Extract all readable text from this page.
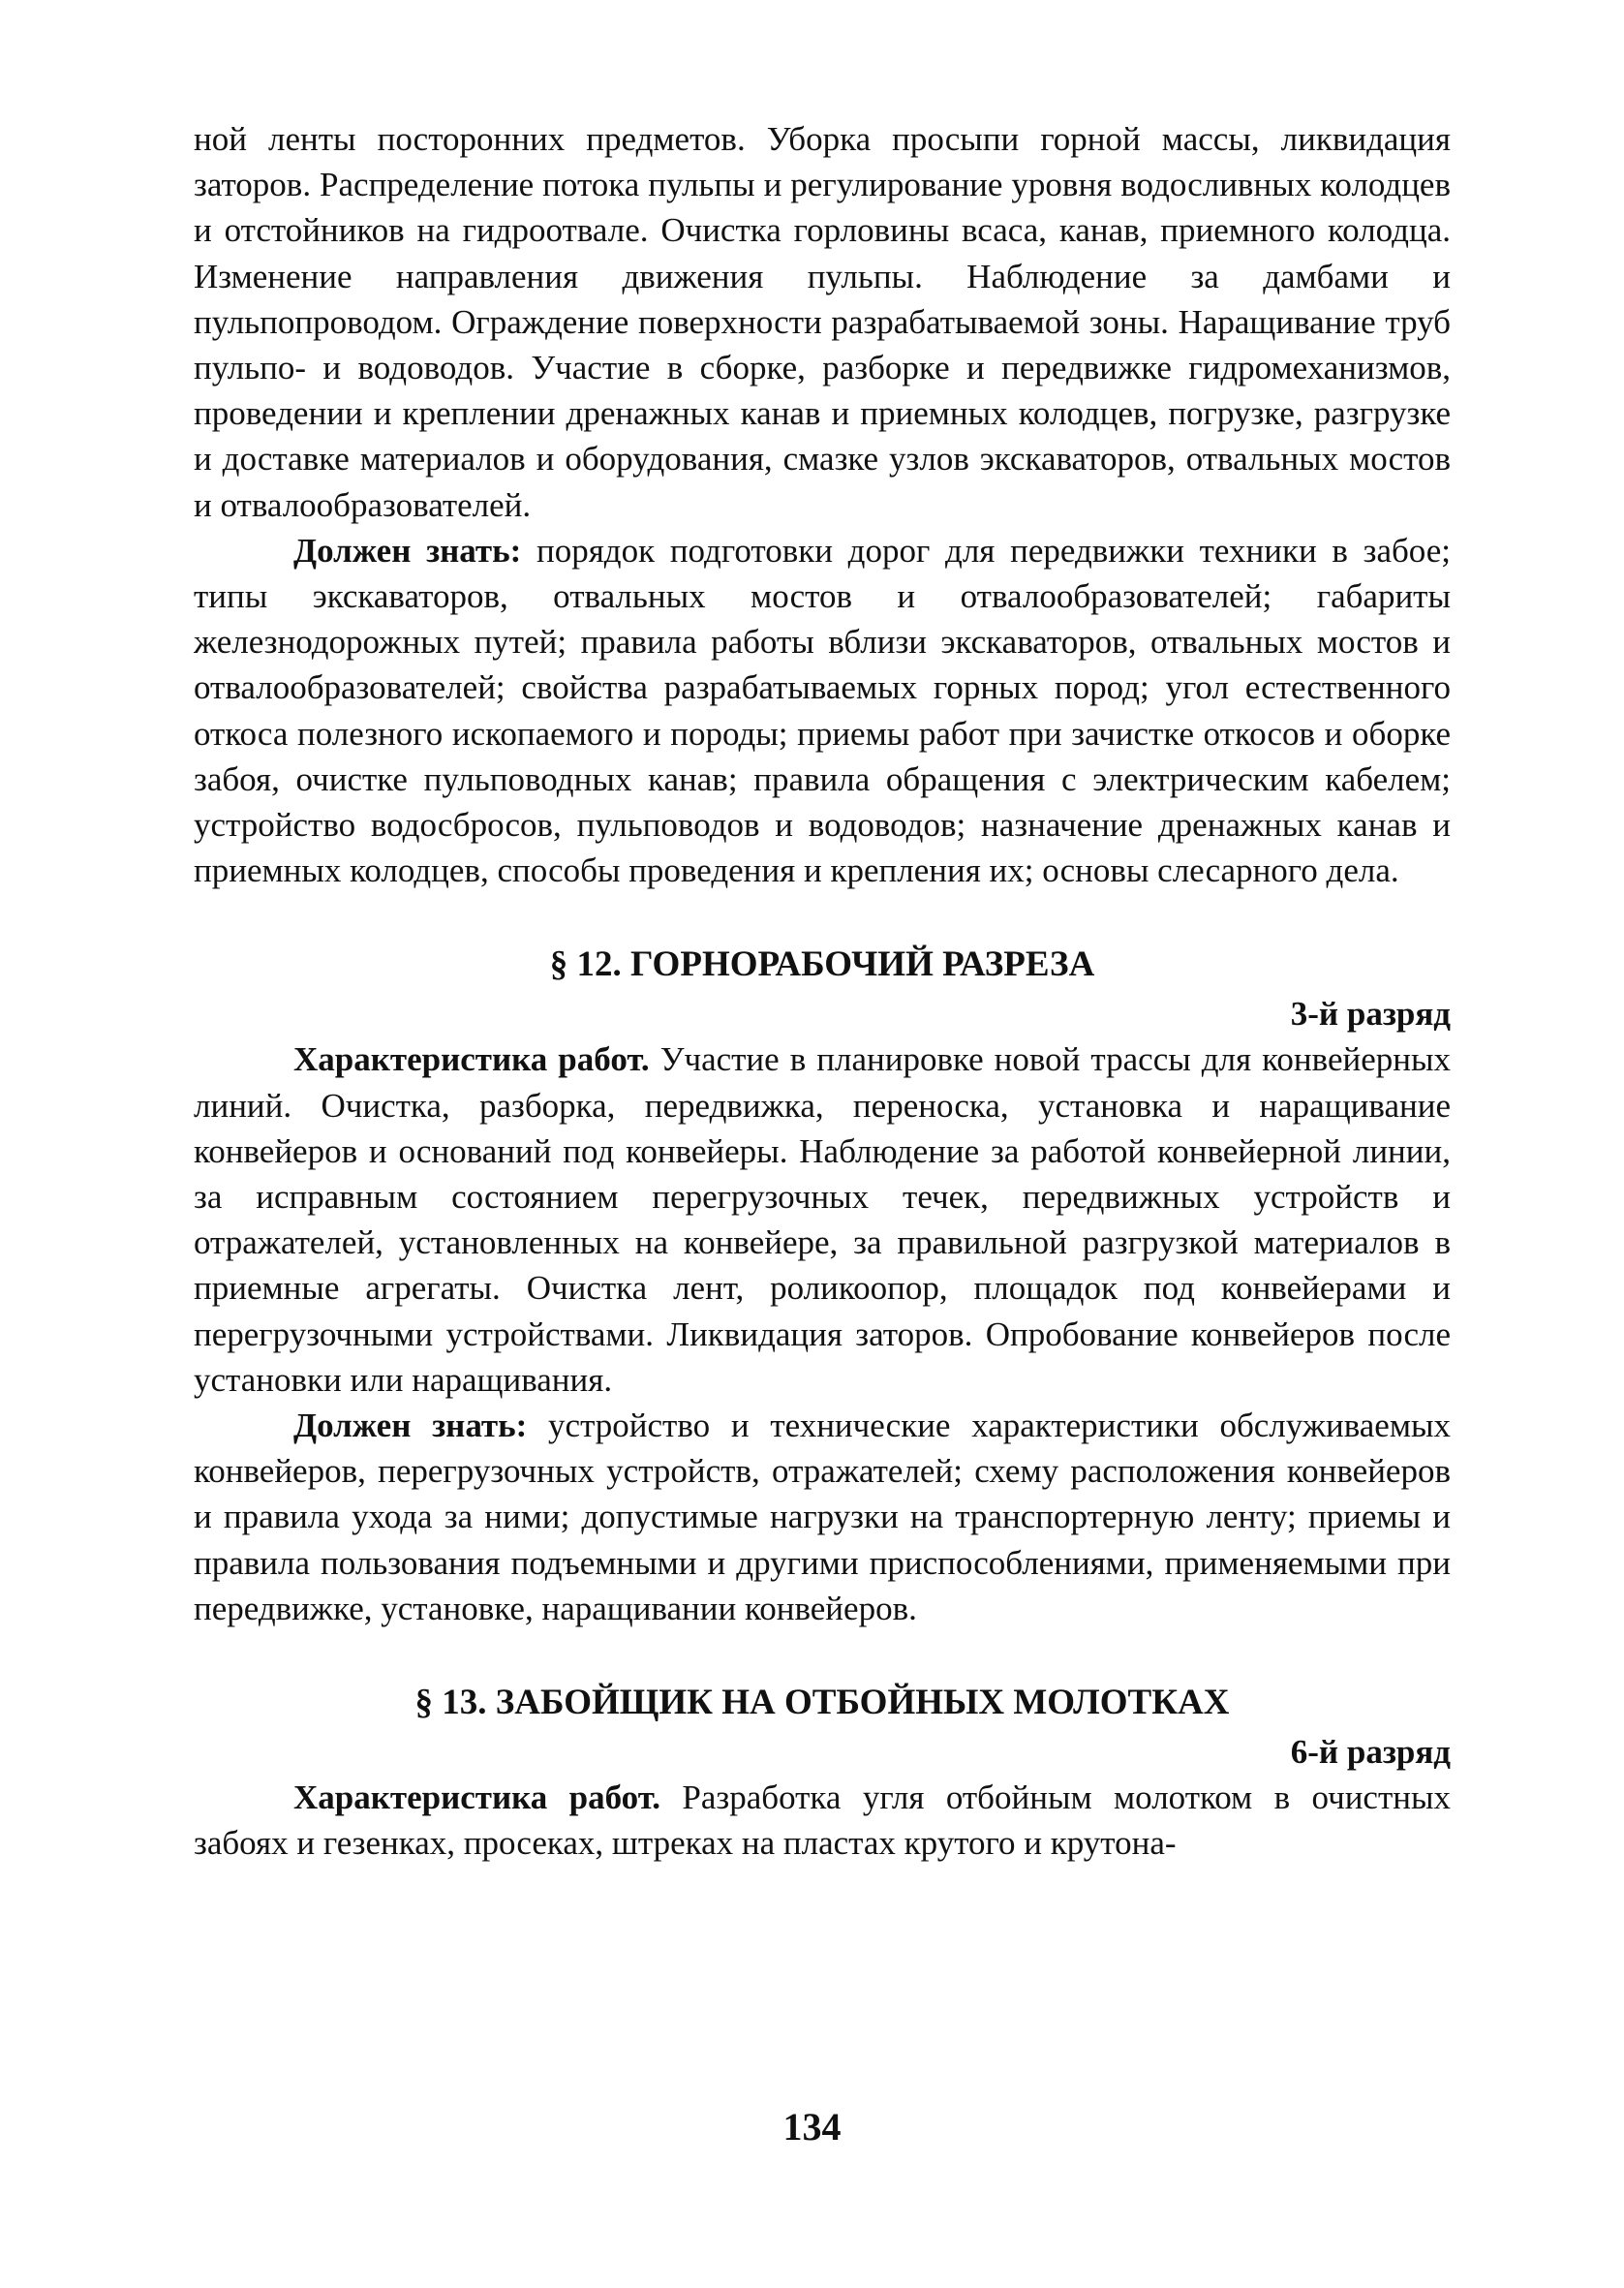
ной ленты посторонних предметов. Уборка просыпи горной массы, ликвидация заторов. Распределение потока пульпы и регулирование уровня водосливных колодцев и отстойников на гидроотвале. Очистка горловины всаса, канав, приемного колодца. Изменение направления движения пульпы. Наблюдение за дамбами и пульпопроводом. Ограждение поверхности разрабатываемой зоны. Наращивание труб пульпо- и водоводов. Участие в сборке, разборке и передвижке гидромеханизмов, проведении и креплении дренажных канав и приемных колодцев, погрузке, разгрузке и доставке материалов и оборудования, смазке узлов экскаваторов, отвальных мостов и отвалообразователей.

Должен знать: порядок подготовки дорог для передвижки техники в забое; типы экскаваторов, отвальных мостов и отвалообразователей; габариты железнодорожных путей; правила работы вблизи экскаваторов, отвальных мостов и отвалообразователей; свойства разрабатываемых горных пород; угол естественного откоса полезного ископаемого и породы; приемы работ при зачистке откосов и оборке забоя, очистке пульповодных канав; правила обращения с электрическим кабелем; устройство водосбросов, пульповодов и водоводов; назначение дренажных канав и приемных колодцев, способы проведения и крепления их; основы слесарного дела.

§ 12. ГОРНОРАБОЧИЙ РАЗРЕЗА
3-й разряд

Характеристика работ. Участие в планировке новой трассы для конвейерных линий. Очистка, разборка, передвижка, переноска, установка и наращивание конвейеров и оснований под конвейеры. Наблюдение за работой конвейерной линии, за исправным состоянием перегрузочных течек, передвижных устройств и отражателей, установленных на конвейере, за правильной разгрузкой материалов в приемные агрегаты. Очистка лент, роликоопор, площадок под конвейерами и перегрузочными устройствами. Ликвидация заторов. Опробование конвейеров после установки или наращивания.

Должен знать: устройство и технические характеристики обслуживаемых конвейеров, перегрузочных устройств, отражателей; схему расположения конвейеров и правила ухода за ними; допустимые нагрузки на транспортерную ленту; приемы и правила пользования подъемными и другими приспособлениями, применяемыми при передвижке, установке, наращивании конвейеров.

§ 13. ЗАБОЙЩИК НА ОТБОЙНЫХ МОЛОТКАХ
6-й разряд

Характеристика работ. Разработка угля отбойным молотком в очистных забоях и гезенках, просеках, штреках на пластах крутого и крутона-

134
